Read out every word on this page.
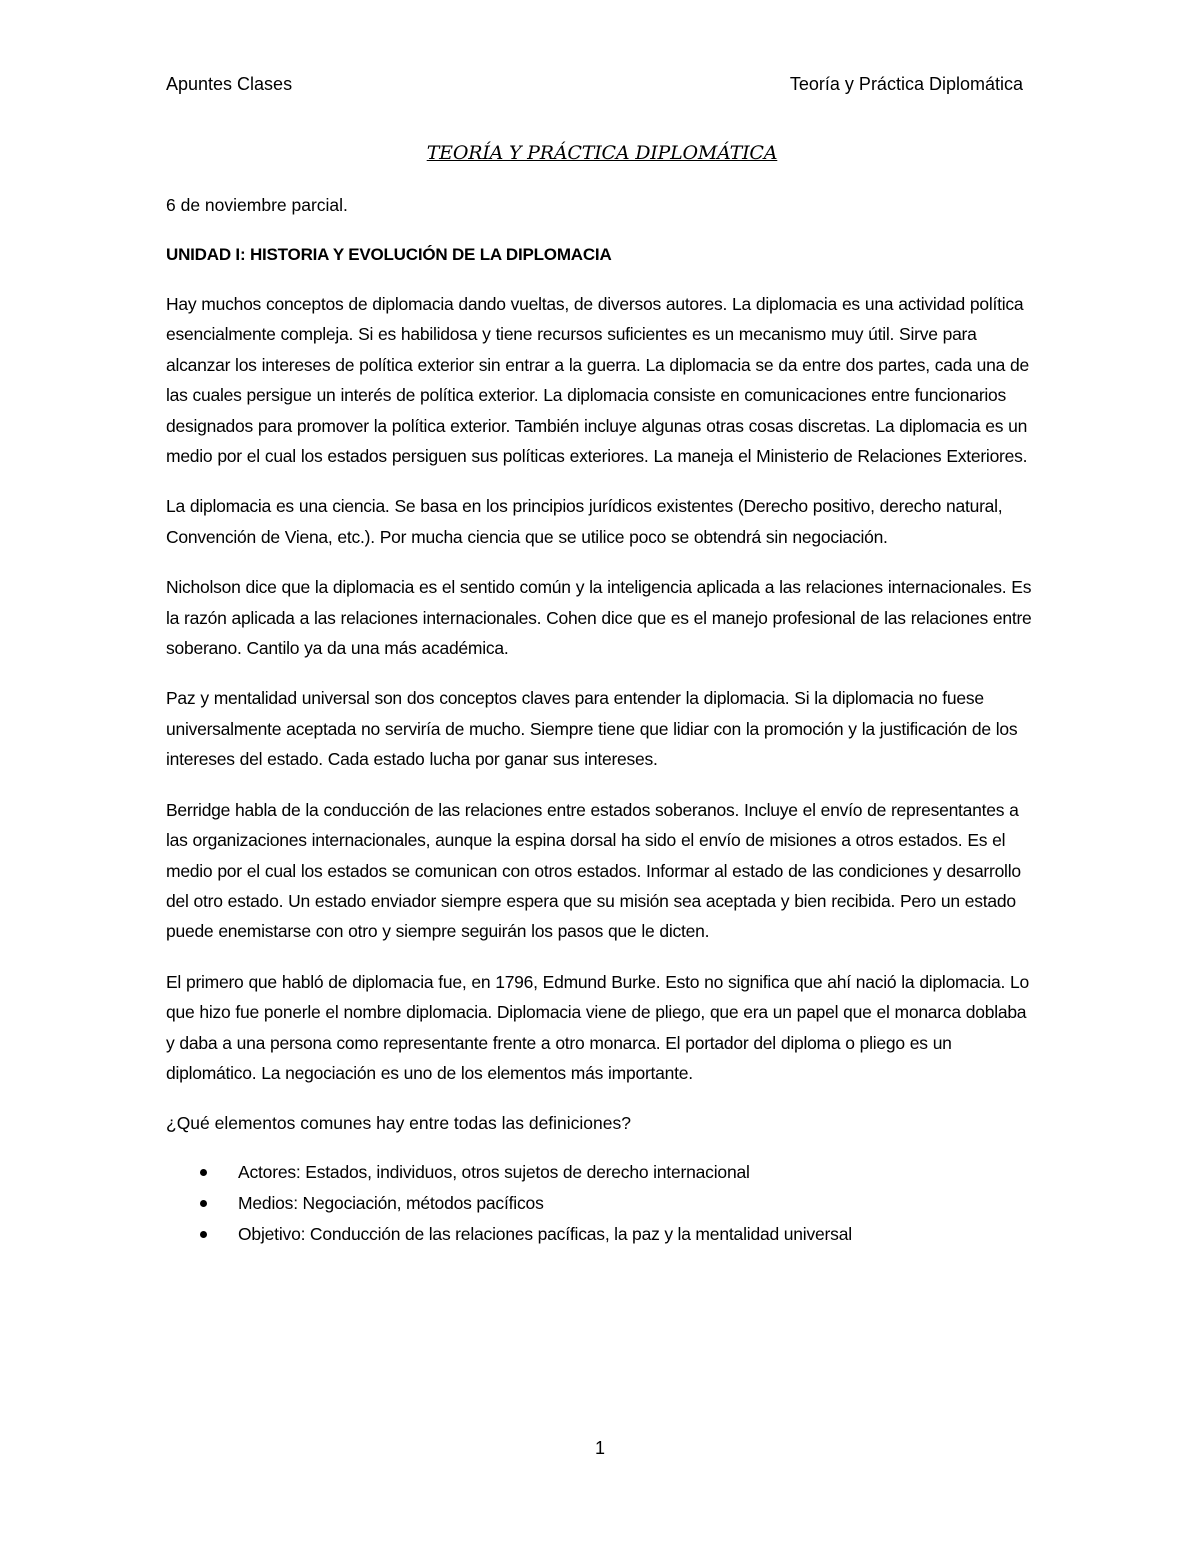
Apuntes Clases	Teoría y Práctica Diplomática
TEORÍA Y PRÁCTICA DIPLOMÁTICA
6 de noviembre parcial.
UNIDAD I: HISTORIA Y EVOLUCIÓN DE LA DIPLOMACIA

Hay muchos conceptos de diplomacia dando vueltas, de diversos autores. La diplomacia es una actividad política esencialmente compleja. Si es habilidosa y tiene recursos suficientes es un mecanismo muy útil. Sirve para alcanzar los intereses de política exterior sin entrar a la guerra. La diplomacia se da entre dos partes, cada una de las cuales persigue un interés de política exterior. La diplomacia consiste en comunicaciones entre funcionarios designados para promover la política exterior. También incluye algunas otras cosas discretas. La diplomacia es un medio por el cual los estados persiguen sus políticas exteriores. La maneja el Ministerio de Relaciones Exteriores.

La diplomacia es una ciencia. Se basa en los principios jurídicos existentes (Derecho positivo, derecho natural, Convención de Viena, etc.). Por mucha ciencia que se utilice poco se obtendrá sin negociación.

Nicholson dice que la diplomacia es el sentido común y la inteligencia aplicada a las relaciones internacionales. Es la razón aplicada a las relaciones internacionales. Cohen dice que es el manejo profesional de las relaciones entre soberano. Cantilo ya da una más académica.

Paz y mentalidad universal son dos conceptos claves para entender la diplomacia. Si la diplomacia no fuese universalmente aceptada no serviría de mucho. Siempre tiene que lidiar con la promoción y la justificación de los intereses del estado. Cada estado lucha por ganar sus intereses.

Berridge habla de la conducción de las relaciones entre estados soberanos. Incluye el envío de representantes a las organizaciones internacionales, aunque la espina dorsal ha sido el envío de misiones a otros estados. Es el medio por el cual los estados se comunican con otros estados. Informar al estado de las condiciones y desarrollo del otro estado. Un estado enviador siempre espera que su misión sea aceptada y bien recibida. Pero un estado puede enemistarse con otro y siempre seguirán los pasos que le dicten.

El primero que habló de diplomacia fue, en 1796, Edmund Burke. Esto no significa que ahí nació la diplomacia. Lo que hizo fue ponerle el nombre diplomacia. Diplomacia viene de pliego, que era un papel que el monarca doblaba y daba a una persona como representante frente a otro monarca. El portador del diploma o pliego es un diplomático. La negociación es uno de los elementos más importante.

¿Qué elementos comunes hay entre todas las definiciones?
Actores: Estados, individuos, otros sujetos de derecho internacional
Medios: Negociación, métodos pacíficos
Objetivo: Conducción de las relaciones pacíficas, la paz y la mentalidad universal
1
